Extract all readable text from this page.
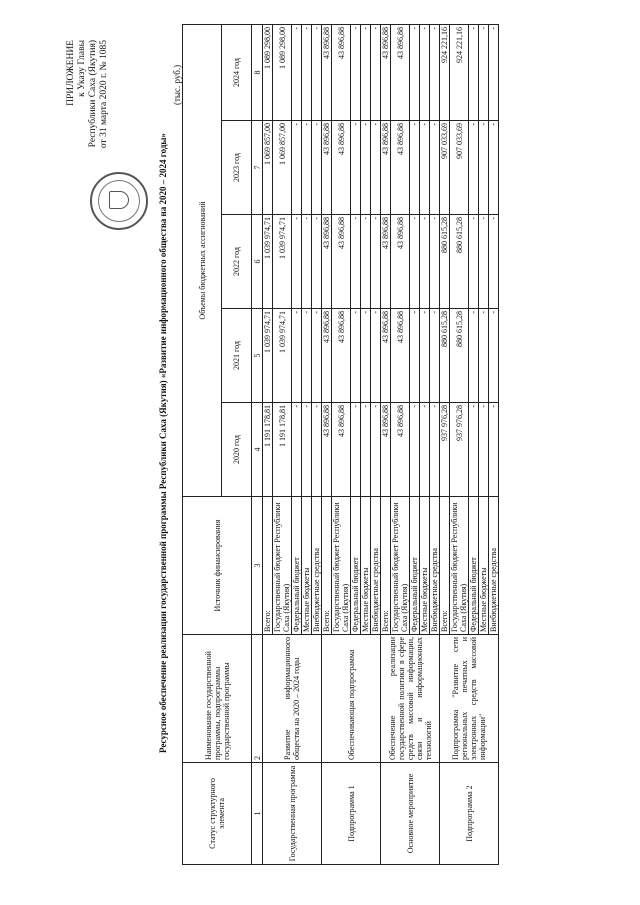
ПРИЛОЖЕНИЕ к Указу Главы Республики Саха (Якутия) от 31 марта 2020 г. № 1085
Ресурсное обеспечение реализации государственной программы Республики Саха (Якутия) «Развитие информационного общества на 2020 – 2024 годы»
(тыс. руб.)
Статус структурного элемента	Наименование государственной программы, подпрограммы государственной программы	Источник финансирования	Объемы бюджетных ассигнований				
			2020 год	2021 год	2022 год	2023 год	2024 год
1	2	3	4	5	6	7	8
Государственная программа	Развитие информационного общества на 2020 – 2024 годы	Всего:	1 191 178,81	1 039 974,71	1 039 974,71	1 069 857,00	1 089 298,00
		Государственный бюджет Республики Саха (Якутия)	1 191 178,81	1 039 974,71	1 039 974,71	1 069 857,00	1 089 298,00
		Федеральный бюджет	-	-	-	-	-
		Местные бюджеты	-	-	-	-	-
		Внебюджетные средства	-	-	-	-	-
Подпрограмма 1	Обеспечивающая подпрограмма	Всего:	43 896,88	43 896,88	43 896,88	43 896,88	43 896,88
		Государственный бюджет Республики Саха (Якутия)	43 896,88	43 896,88	43 896,88	43 896,88	43 896,88
		Федеральный бюджет	-	-	-	-	-
		Местные бюджеты	-	-	-	-	-
		Внебюджетные средства	-	-	-	-	-
Основное мероприятие	Обеспечение реализации государственной политики в сфере средств массовой информации, связи и информационных технологий	Всего:	43 896,88	43 896,88	43 896,88	43 896,88	43 896,88
		Государственный бюджет Республики Саха (Якутия)	43 896,88	43 896,88	43 896,88	43 896,88	43 896,88
		Федеральный бюджет	-	-	-	-	-
		Местные бюджеты	-	-	-	-	-
		Внебюджетные средства	-	-	-	-	-
Подпрограмма 2	Подпрограмма "Развитие сети региональных печатных и электронных средств массовой информации"	Всего:	937 976,28	880 615,28	880 615,28	907 033,69	924 221,16
		Государственный бюджет Республики Саха (Якутия)	937 976,28	880 615,28	880 615,28	907 033,69	924 221,16
		Федеральный бюджет	-	-	-	-	-
		Местные бюджеты	-	-	-	-	-
		Внебюджетные средства	-	-	-	-	-
